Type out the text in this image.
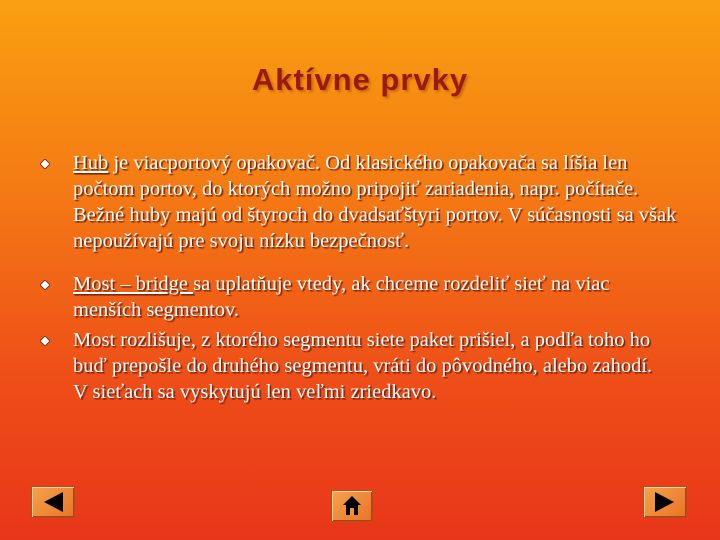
Aktívne prvky
Hub je viacportový opakovač. Od klasického opakovača sa líšia len počtom portov, do ktorých možno pripojiť zariadenia, napr. počítače. Bežné huby majú od štyroch do dvadsaťštyri portov. V súčasnosti sa však nepoužívajú pre svoju nízku bezpečnosť.
Most – bridge sa uplatňuje vtedy, ak chceme rozdeliť sieť na viac menších segmentov.
Most rozlišuje, z ktorého segmentu siete paket prišiel, a podľa toho ho buď prepošle do druhého segmentu, vráti do pôvodného, alebo zahodí.
V sieťach sa vyskytujú len veľmi zriedkavo.
